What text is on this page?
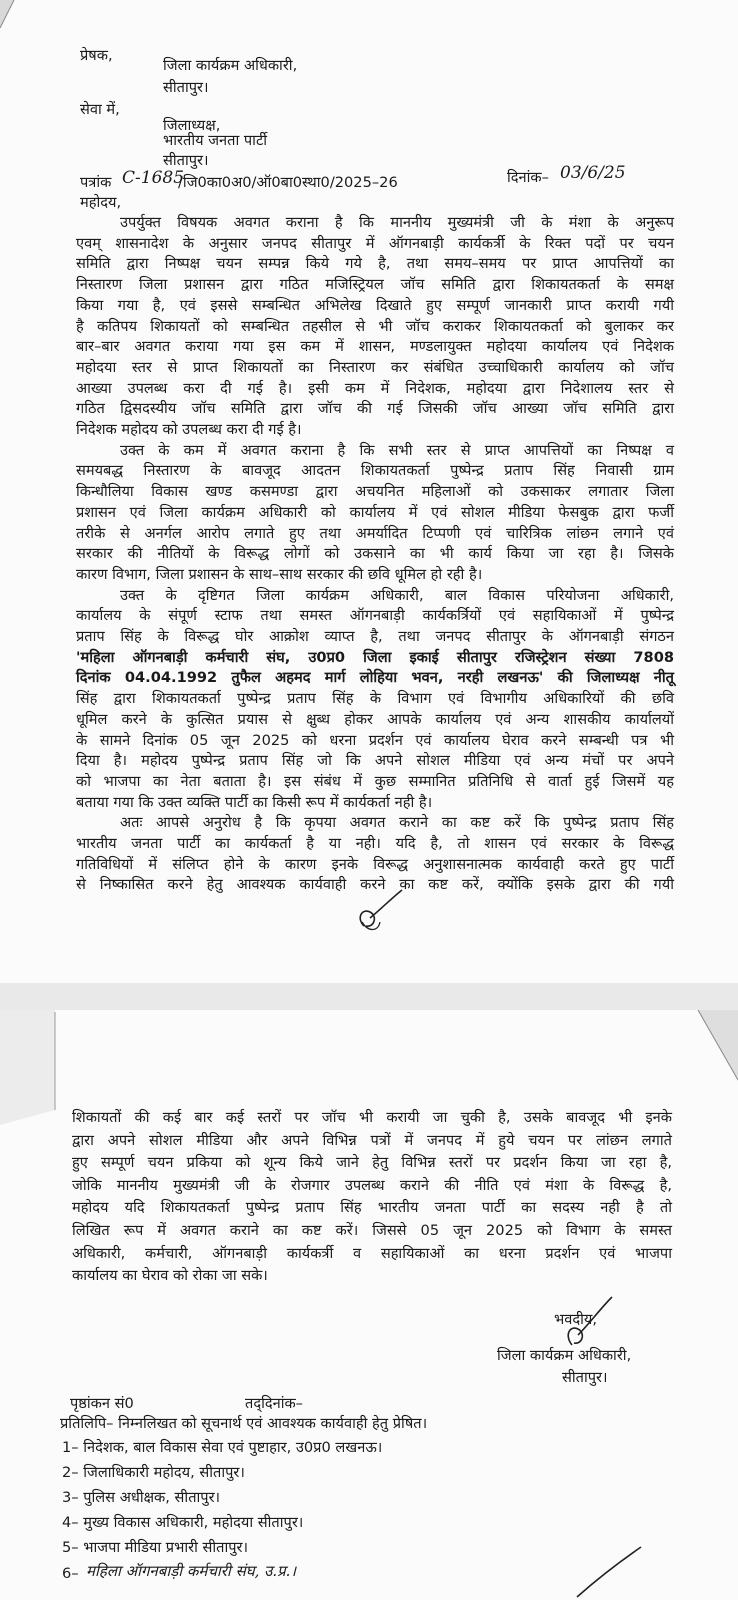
प्रेषक,
जिला कार्यक्रम अधिकारी,
सीतापुर।
सेवा में,
जिलाध्यक्ष,
भारतीय जनता पार्टी
सीतापुर।
पत्रांक C-1685
/जि0का0अ0/ऑ0बा0स्था0/2025–26	दिनांक– 03/6/25
महोदय,
उपर्युक्त विषयक अवगत कराना है कि माननीय मुख्यमंत्री जी के मंशा के अनुरूप
एवम् शासनादेश के अनुसार जनपद सीतापुर में ऑगनबाड़ी कार्यकर्त्री के रिक्त पदों पर चयन
समिति द्वारा निष्पक्ष चयन सम्पन्न किये गये है, तथा समय–समय पर प्राप्त आपत्तियों का
निस्तारण जिला प्रशासन द्वारा गठित मजिस्ट्रियल जॉच समिति द्वारा शिकायतकर्ता के समक्ष
किया गया है, एवं इससे सम्बन्धित अभिलेख दिखाते हुए सम्पूर्ण जानकारी प्राप्त करायी गयी
है कतिपय शिकायतों को सम्बन्धित तहसील से भी जॉच कराकर शिकायतकर्ता को बुलाकर कर
बार–बार अवगत कराया गया इस कम में शासन, मण्डलायुक्त महोदया कार्यालय एवं निदेशक
महोदया स्तर से प्राप्त शिकायतों का निस्तारण कर संबंधित उच्चाधिकारी कार्यालय को जॉच
आख्या उपलब्ध करा दी गई है। इसी कम में निदेशक, महोदया द्वारा निदेशालय स्तर से
गठित द्विसदस्यीय जॉच समिति द्वारा जॉच की गई जिसकी जॉच आख्या जॉच समिति द्वारा
निदेशक महोदय को उपलब्ध करा दी गई है।
उक्त के कम में अवगत कराना है कि सभी स्तर से प्राप्त आपत्तियों का निष्पक्ष व
समयबद्ध निस्तारण के बावजूद आदतन शिकायतकर्ता पुष्पेन्द्र प्रताप सिंह निवासी ग्राम
किन्धौलिया विकास खण्ड कसमण्डा द्वारा अचयनित महिलाओं को उकसाकर लगातार जिला
प्रशासन एवं जिला कार्यक्रम अधिकारी को कार्यालय में एवं सोशल मीडिया फेसबुक द्वारा फर्जी
तरीके से अनर्गल आरोप लगाते हुए तथा अमर्यादित टिप्पणी एवं चारित्रिक लांछन लगाने एवं
सरकार की नीतियों के विरूद्ध लोगों को उकसाने का भी कार्य किया जा रहा है। जिसके
कारण विभाग, जिला प्रशासन के साथ–साथ सरकार की छवि धूमिल हो रही है।
उक्त के दृष्टिगत जिला कार्यक्रम अधिकारी, बाल विकास परियोजना अधिकारी,
कार्यालय के संपूर्ण स्टाफ तथा समस्त ऑगनबाड़ी कार्यकर्त्रियों एवं सहायिकाओं में पुष्पेन्द्र
प्रताप सिंह के विरूद्ध घोर आक्रोश व्याप्त है, तथा जनपद सीतापुर के ऑगनबाड़ी संगठन
'महिला ऑगनबाड़ी कर्मचारी संघ, उ0प्र0 जिला इकाई सीतापुर रजिस्ट्रेशन संख्या 7808
दिनांक 04.04.1992 तुफैल अहमद मार्ग लोहिया भवन, नरही लखनऊ' की जिलाध्यक्ष नीतू
सिंह द्वारा शिकायतकर्ता पुष्पेन्द्र प्रताप सिंह के विभाग एवं विभागीय अधिकारियों की छवि
धूमिल करने के कुत्सित प्रयास से क्षुब्ध होकर आपके कार्यालय एवं अन्य शासकीय कार्यालयों
के सामने दिनांक 05 जून 2025 को धरना प्रदर्शन एवं कार्यालय घेराव करने सम्बन्धी पत्र भी
दिया है। महोदय पुष्पेन्द्र प्रताप सिंह जो कि अपने सोशल मीडिया एवं अन्य मंचों पर अपने
को भाजपा का नेता बताता है। इस संबंध में कुछ सम्मानित प्रतिनिधि से वार्ता हुई जिसमें यह
बताया गया कि उक्त व्यक्ति पार्टी का किसी रूप में कार्यकर्ता नही है।
अतः आपसे अनुरोध है कि कृपया अवगत कराने का कष्ट करें कि पुष्पेन्द्र प्रताप सिंह
भारतीय जनता पार्टी का कार्यकर्ता है या नही। यदि है, तो शासन एवं सरकार के विरूद्ध
गतिविधियों में संलिप्त होने के कारण इनके विरूद्ध अनुशासनात्मक कार्यवाही करते हुए पार्टी
से निष्कासित करने हेतु आवश्यक कार्यवाही करने का कष्ट करें, क्योंकि इसके द्वारा की गयी
शिकायतों की कई बार कई स्तरों पर जॉच भी करायी जा चुकी है, उसके बावजूद भी इनके
द्वारा अपने सोशल मीडिया और अपने विभिन्न पत्रों में जनपद में हुये चयन पर लांछन लगाते
हुए सम्पूर्ण चयन प्रकिया को शून्य किये जाने हेतु विभिन्न स्तरों पर प्रदर्शन किया जा रहा है,
जोकि माननीय मुख्यमंत्री जी के रोजगार उपलब्ध कराने की नीति एवं मंशा के विरूद्ध है,
महोदय यदि शिकायतकर्ता पुष्पेन्द्र प्रताप सिंह भारतीय जनता पार्टी का सदस्य नही है तो
लिखित रूप में अवगत कराने का कष्ट करें। जिससे 05 जून 2025 को विभाग के समस्त
अधिकारी, कर्मचारी, ऑगनबाड़ी कार्यकर्त्री व सहायिकाओं का धरना प्रदर्शन एवं भाजपा
कार्यालय का घेराव को रोका जा सके।
भवदीय,
जिला कार्यक्रम अधिकारी,
सीतापुर।
पृष्ठांकन सं0	तद्‌दिनांक–
प्रतिलिपि– निम्नलिखत को सूचनार्थ एवं आवश्यक कार्यवाही हेतु प्रेषित।
1– निदेशक, बाल विकास सेवा एवं पुष्टाहार, उ0प्र0 लखनऊ।
2– जिलाधिकारी महोदय, सीतापुर।
3– पुलिस अधीक्षक, सीतापुर।
4– मुख्य विकास अधिकारी, महोदया सीतापुर।
5– भाजपा मीडिया प्रभारी सीतापुर।
6– महिला ऑगनबाड़ी कर्मचारी संघ, उ.प्र.।
